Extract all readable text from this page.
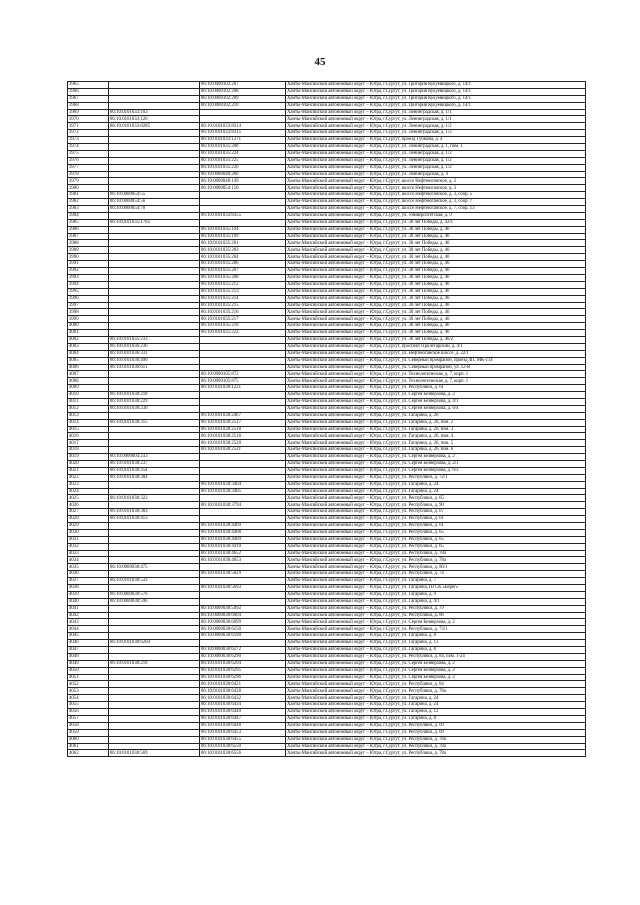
45
3965		86:10:0000102:207	Ханты-Мансийский автономный округ – Югра, г.Сургут, ул. Григория Кукуевицкого, д. 14/1
3966		86:10:0000102:208	Ханты-Мансийский автономный округ – Югра, г.Сургут, ул. Григория Кукуевицкого, д. 14/1
3967		86:10:0000102:209	Ханты-Мансийский автономный округ – Югра, г.Сургут, ул. Григория Кукуевицкого, д. 14/1
3968		86:10:0000102:210	Ханты-Мансийский автономный округ – Югра, г.Сургут, ул. Григория Кукуевицкого, д. 14/1
3969	86:10:0101033:103		Ханты-Мансийский автономный округ – Югра, г.Сургут, ул. Ленинградская, д. 1/1
3970	86:10:0101033:126		Ханты-Мансийский автономный округ – Югра, г.Сургут, ул. Ленинградская, д. 1/1
3971	86:10:0101033:8285	86:10:0101033:8314	Ханты-Мансийский автономный округ – Югра, г.Сургут, ул. Ленинградская, д. 1/2
3972		86:10:0101033:8315	Ханты-Мансийский автономный округ – Югра, г.Сургут, ул. Ленинградская, д. 1/2
3973		86:10:0101033:1371	Ханты-Мансийский автономный округ – Югра, г.Сургут, проезд Губкина, д. 4
3974		86:10:0101035:208	Ханты-Мансийский автономный округ – Югра, г.Сургут, ул. Ленинградская, д. 1, пом. 1
3975		86:10:0101035:224	Ханты-Мансийский автономный округ – Югра, г.Сургут, ул. Ленинградская, д. 1/2
3976		86:10:0101035:225	Ханты-Мансийский автономный округ – Югра, г.Сургут, ул. Ленинградская, д. 1/2
3977		86:10:0101035:226	Ханты-Мансийский автономный округ – Югра, г.Сургут, ул. Ленинградская, д. 1/2
3978		86:10:0000048:260	Ханты-Мансийский автономный округ – Югра, г.Сургут, ул. Ленинградская, д. 4
3979		86:10:0000048:149	Ханты-Мансийский автономный округ – Югра, г.Сургут, шоссе Нефтеюганское, д. 3
3980		86:10:0000054:150	Ханты-Мансийский автономный округ – Югра, г.Сургут, шоссе Нефтеюганское, д. 3
3981	86:10:0000054:55		Ханты-Мансийский автономный округ – Югра, г.Сургут, шоссе Нефтеюганское, д. 3, соор. 5
3982	86:10:0000054:56		Ханты-Мансийский автономный округ – Югра, г.Сургут, шоссе Нефтеюганское, д. 3, соор. 7
3983	86:10:0000054:78		Ханты-Мансийский автономный округ – Югра, г.Сургут, шоссе Нефтеюганское, д. 7, соор. 13
3984		86:10:0101033:8355	Ханты-Мансийский автономный округ – Югра, г.Сургут, ул. Университетская, д. 9
3985	86:10:0101035:1705		Ханты-Мансийский автономный округ – Югра, г.Сургут, ул. 30 лет Победы, д. 42/1
3986		86:10:0101035:194	Ханты-Мансийский автономный округ – Югра, г.Сургут, ул. 30 лет Победы, д. 46
3987		86:10:0101035:199	Ханты-Мансийский автономный округ – Югра, г.Сургут, ул. 30 лет Победы, д. 46
3988		86:10:0101035:201	Ханты-Мансийский автономный округ – Югра, г.Сургут, ул. 30 лет Победы, д. 46
3989		86:10:0101035:203	Ханты-Мансийский автономный округ – Югра, г.Сургут, ул. 30 лет Победы, д. 46
3990		86:10:0101035:204	Ханты-Мансийский автономный округ – Югра, г.Сургут, ул. 30 лет Победы, д. 46
3991		86:10:0101035:206	Ханты-Мансийский автономный округ – Югра, г.Сургут, ул. 30 лет Победы, д. 46
3992		86:10:0101035:207	Ханты-Мансийский автономный округ – Югра, г.Сургут, ул. 30 лет Победы, д. 46
3993		86:10:0101035:208	Ханты-Мансийский автономный округ – Югра, г.Сургут, ул. 30 лет Победы, д. 46
3994		86:10:0101035:212	Ханты-Мансийский автономный округ – Югра, г.Сургут, ул. 30 лет Победы, д. 46
3995		86:10:0101035:213	Ханты-Мансийский автономный округ – Югра, г.Сургут, ул. 30 лет Победы, д. 46
3996		86:10:0101035:214	Ханты-Мансийский автономный округ – Югра, г.Сургут, ул. 30 лет Победы, д. 46
3997		86:10:0101035:215	Ханты-Мансийский автономный округ – Югра, г.Сургут, ул. 30 лет Победы, д. 46
3998		86:10:0101035:216	Ханты-Мансийский автономный округ – Югра, г.Сургут, ул. 30 лет Победы, д. 46
3999		86:10:0101035:217	Ханты-Мансийский автономный округ – Югра, г.Сургут, ул. 30 лет Победы, д. 46
4000		86:10:0101035:218	Ханты-Мансийский автономный округ – Югра, г.Сургут, ул. 30 лет Победы, д. 46
4001		86:10:0101035:222	Ханты-Мансийский автономный округ – Югра, г.Сургут, ул. 30 лет Победы, д. 46
4002	86:10:0101035:233		Ханты-Мансийский автономный округ – Югра, г.Сургут, ул. 30 лет Победы, д. 46/2
4003	86:10:0101036:236		Ханты-Мансийский автономный округ – Югра, г.Сургут, проспект Пролетарский, д. 4/1
4004	86:10:0101036:331		Ханты-Мансийский автономный округ – Югра, г.Сургут, ул. Нефтеюганское шоссе, д. 22/1
4005	86:10:0101036:490		Ханты-Мансийский автономный округ – Югра, г.Сургут, ул. Северный промрайон, проезд 4П, МК-114
4006	86:10:0101036:611		Ханты-Мансийский автономный округ – Югра, г.Сургут, ул. Северный промрайон, ул. 12-В
4007		86:10:0000105:872	Ханты-Мансийский автономный округ – Югра, г.Сургут, ул. Технологическая, д. 7, корп. 1
4008		86:10:0000105:875	Ханты-Мансийский автономный округ – Югра, г.Сургут, ул. Технологическая, д. 7, корп. 1
4009		86:10:0101038:1221	Ханты-Мансийский автономный округ – Югра, г.Сургут, ул. Республики, д. 61
4010	86:10:0101038:218		Ханты-Мансийский автономный округ – Югра, г.Сургут, ул. Сергея Безверхова, д. 2
4011	86:10:0101038:229		Ханты-Мансийский автономный округ – Югра, г.Сургут, ул. Сергея Безверхова, д. 4/1
4012	86:10:0101038:230		Ханты-Мансийский автономный округ – Югра, г.Сургут, ул. Сергея Безверхова, д. 6/4
4013		86:10:0101038:2467	Ханты-Мансийский автономный округ – Югра, г.Сургут, ул. Гагарина, д. 26
4014	86:10:0101038:315	86:10:0101038:2517	Ханты-Мансийский автономный округ – Югра, г.Сургут, ул. Гагарина, д. 26, пом. 2
4015		86:10:0101038:2518	Ханты-Мансийский автономный округ – Югра, г.Сургут, ул. Гагарина, д. 26, пом. 3
4016		86:10:0101038:2516	Ханты-Мансийский автономный округ – Югра, г.Сургут, ул. Гагарина, д. 26, пом. 4
4017		86:10:0101038:2520	Ханты-Мансийский автономный округ – Югра, г.Сургут, ул. Гагарина, д. 26, пом. 5
4018		86:10:0101038:2521	Ханты-Мансийский автономный округ – Югра, г.Сургут, ул. Гагарина, д. 26, пом. 6
4019	86:10:0000003:233		Ханты-Мансийский автономный округ – Югра, г.Сургут, ул. Сергея Безверхова, д. 2
4020	86:10:0101038:237		Ханты-Мансийский автономный округ – Югра, г.Сургут, ул. Сергея Безверхова, д. 2Л
4021	86:10:0101038:254		Ханты-Мансийский автономный округ – Югра, г.Сургут, ул. Сергея Безверхова, д. 6/3
4022	86:10:0101038:304		Ханты-Мансийский автономный округ – Югра, г.Сургут, ул. Республики, д. 72/1
4023		86:10:0101038:3404	Ханты-Мансийский автономный округ – Югра, г.Сургут, ул. Гагарина, д. 24
4024		86:10:0101038:3405	Ханты-Мансийский автономный округ – Югра, г.Сургут, ул. Гагарина, д. 24
4025	86:10:0101038:322		Ханты-Мансийский автономный округ – Югра, г.Сургут, ул. Республики, д. 65
4026		86:10:0101038:3794	Ханты-Мансийский автономный округ – Югра, г.Сургут, ул. Республики, д. 90
4027	86:10:0101038:383		Ханты-Мансийский автономный округ – Югра, г.Сургут, ул. Республики, д. 67
4028	86:10:0101038:413		Ханты-Мансийский автономный округ – Югра, г.Сургут, ул. Республики, д. 61
4029		86:10:0101038:4469	Ханты-Мансийский автономный округ – Югра, г.Сургут, ул. Республики, д. 61
4030		86:10:0101038:4408	Ханты-Мансийский автономный округ – Югра, г.Сургут, ул. Республики, д. 65
4031		86:10:0101038:4409	Ханты-Мансийский автономный округ – Югра, г.Сургут, ул. Республики, д. 65
4032		86:10:0101038:4410	Ханты-Мансийский автономный округ – Югра, г.Сургут, ул. Республики, д. 65
4033		86:10:0101038:4652	Ханты-Мансийский автономный округ – Югра, г.Сургут, ул. Республики, д. 78а
4034		86:10:0101038:4653	Ханты-Мансийский автономный округ – Югра, г.Сургут, ул. Республики, д. 78а
4035	86:10:0000038:475		Ханты-Мансийский автономный округ – Югра, г.Сургут, ул. Республики, д. 86/1
4036		86:10:0101038:5029	Ханты-Мансийский автономный округ – Югра, г.Сургут, ул. Республики, д. 74
4037	86:10:0101038:533		Ханты-Мансийский автономный округ – Югра, г.Сургут, ул. Гагарина, д. 7
4038		86:10:0101038:5693	Ханты-Мансийский автономный округ – Югра, г.Сургут, ул. Гагарина, ПГСК «Берег»
4039	86:10:0000038:576		Ханты-Мансийский автономный округ – Югра, г.Сургут, ул. Гагарина, д. 9
4040	86:10:0000038:596		Ханты-Мансийский автономный округ – Югра, г.Сургут, ул. Гагарина, д. 4/1
4041		86:10:0000038:5992	Ханты-Мансийский автономный округ – Югра, г.Сургут, ул. Республики, д. 79
4042		86:10:0000038:6004	Ханты-Мансийский автономный округ – Югра, г.Сургут, ул. Республики, д. 86
4043		86:10:0000038:6099	Ханты-Мансийский автономный округ – Югра, г.Сургут, ул. Сергея Безверхова, д. 2
4044		86:10:0000038:6150	Ханты-Мансийский автономный округ – Югра, г.Сургут, ул. Республики, д. 73/1
4045		86:10:0000038:6190	Ханты-Мансийский автономный округ – Югра, г.Сургут, ул. Гагарина, д. 8
4046	86:10:0101038:6204		Ханты-Мансийский автономный округ – Югра, г.Сургут, ул. Гагарина, д. 11
4047		86:10:0000038:6272	Ханты-Мансийский автономный округ – Югра, г.Сургут, ул. Гагарина, д. 8
4048		86:10:0000038:6290	Ханты-Мансийский автономный округ – Югра, г.Сургут, ул. Республики, д. 84, пом. 1-24
4049	86:10:0101038:218	86:10:0101038:6294	Ханты-Мансийский автономный округ – Югра, г.Сургут, ул. Сергея Безверхова, д. 2
4050		86:10:0101038:6295	Ханты-Мансийский автономный округ – Югра, г.Сургут, ул. Сергея Безверхова, д. 2
4051		86:10:0101038:6296	Ханты-Мансийский автономный округ – Югра, г.Сургут, ул. Сергея Безверхова, д. 2
4052		86:10:0101038:6421	Ханты-Мансийский автономный округ – Югра, г.Сургут, ул. Республики, д. 84
4053		86:10:0101038:6428	Ханты-Мансийский автономный округ – Югра, г.Сургут, ул. Республики, д. 78а
4054		86:10:0101038:6432	Ханты-Мансийский автономный округ – Югра, г.Сургут, ул. Гагарина, д. 24
4055		86:10:0101038:6434	Ханты-Мансийский автономный округ – Югра, г.Сургут, ул. Гагарина, д. 24
4056		86:10:0101038:6440	Ханты-Мансийский автономный округ – Югра, г.Сургут, ул. Гагарина, д. 12
4057		86:10:0101038:6447	Ханты-Мансийский автономный округ – Югра, г.Сургут, ул. Гагарина, д. 8
4058		86:10:0101038:6448	Ханты-Мансийский автономный округ – Югра, г.Сургут, ул. Республики, д. 69
4059		86:10:0101038:6453	Ханты-Мансийский автономный округ – Югра, г.Сургут, ул. Республики, д. 69
4060		86:10:0101038:6455	Ханты-Мансийский автономный округ – Югра, г.Сургут, ул. Республики, д. 78а
4061		86:10:0101038:6550	Ханты-Мансийский автономный округ – Югра, г.Сургут, ул. Республики, д. 78а
4062	86:10:0101038:569	86:10:0101038:6556	Ханты-Мансийский автономный округ – Югра, г.Сургут, ул. Республики, д. 78а
